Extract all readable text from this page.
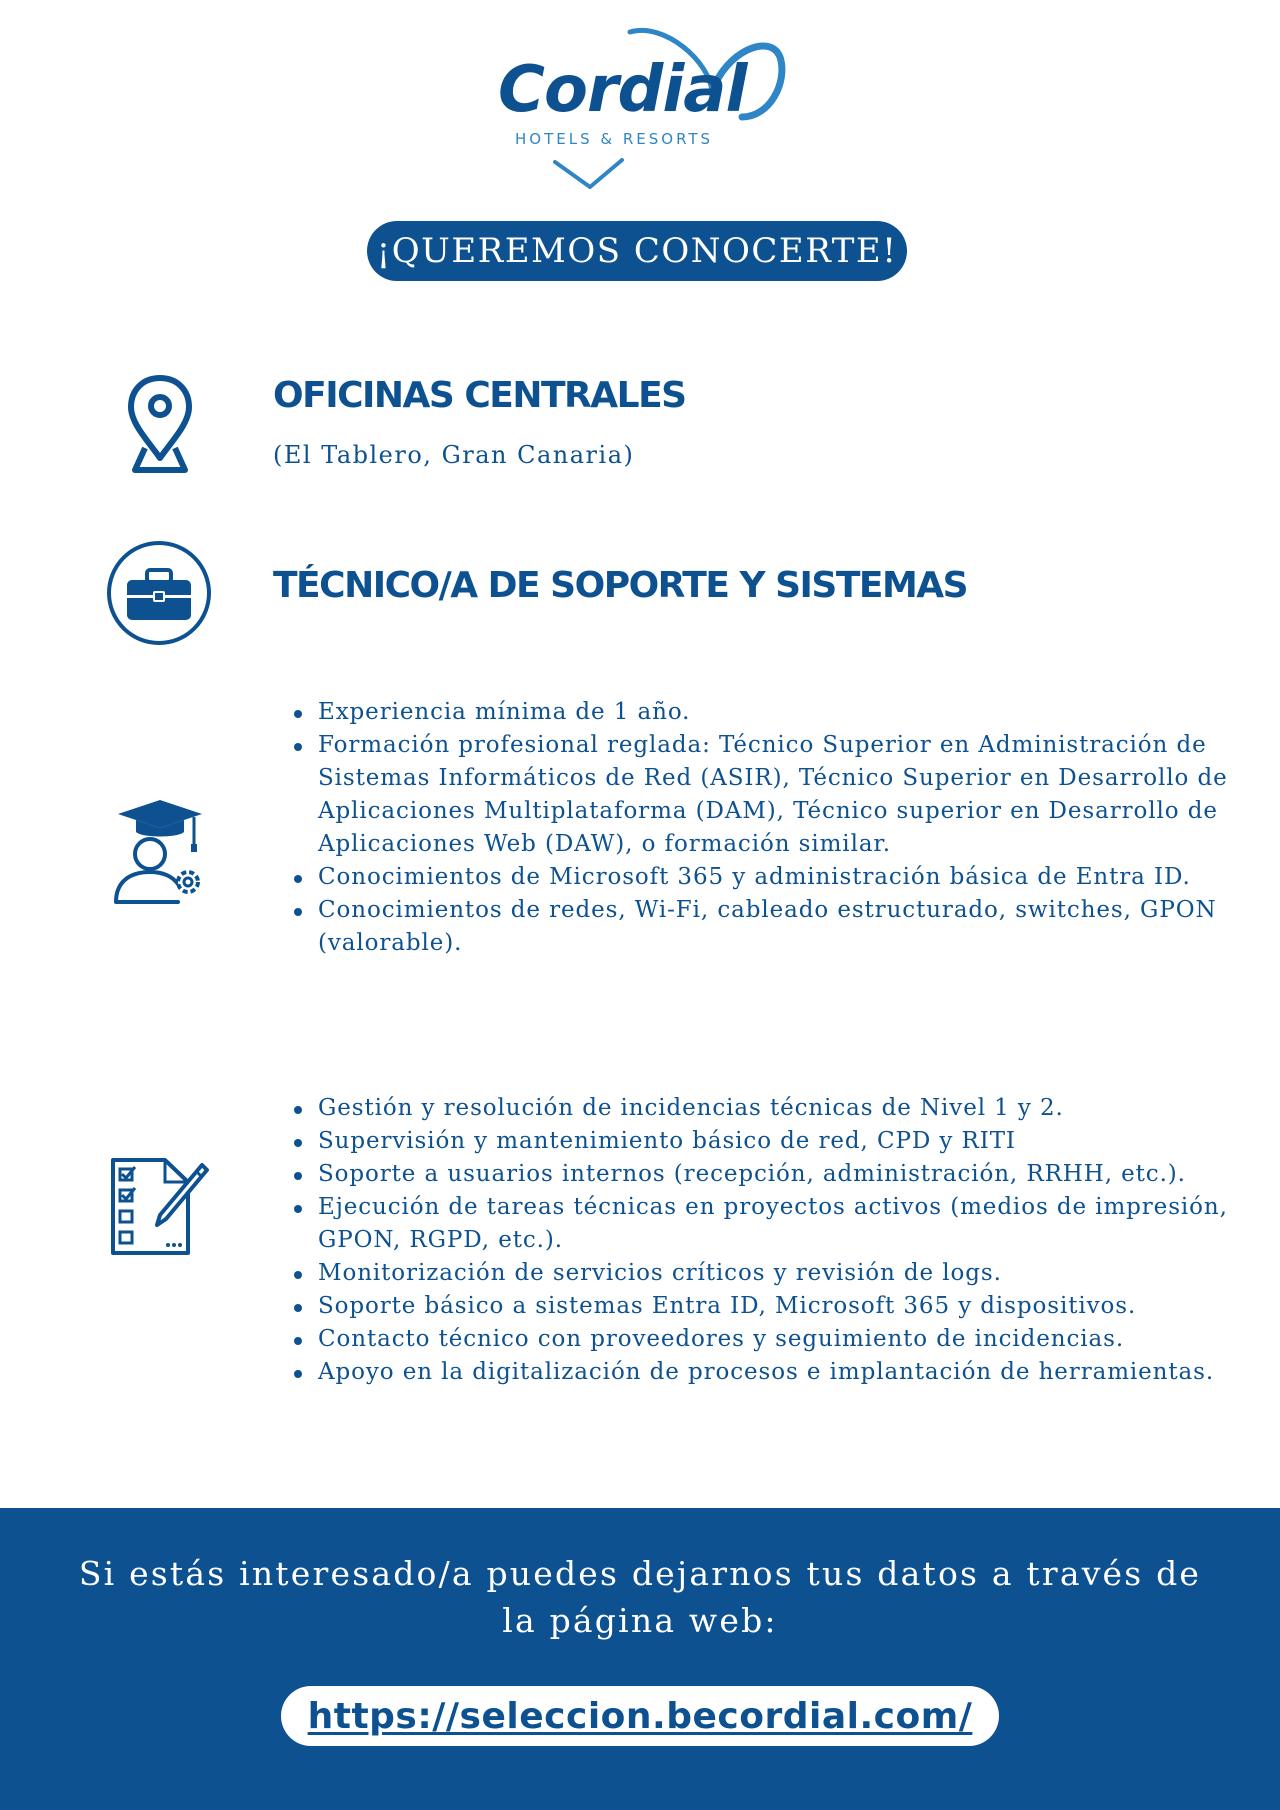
Cordial
HOTELS & RESORTS
¡QUEREMOS CONOCERTE!
OFICINAS CENTRALES
(El Tablero, Gran Canaria)
TÉCNICO/A DE SOPORTE Y SISTEMAS
Experiencia mínima de 1 año.
Formación profesional reglada: Técnico Superior en Administración de Sistemas Informáticos de Red (ASIR), Técnico Superior en Desarrollo de Aplicaciones Multiplataforma (DAM), Técnico superior en Desarrollo de Aplicaciones Web (DAW), o formación similar.
Conocimientos de Microsoft 365 y administración básica de Entra ID.
Conocimientos de redes, Wi-Fi, cableado estructurado, switches, GPON (valorable).
Gestión y resolución de incidencias técnicas de Nivel 1 y 2.
Supervisión y mantenimiento básico de red, CPD y RITI
Soporte a usuarios internos (recepción, administración, RRHH, etc.).
Ejecución de tareas técnicas en proyectos activos (medios de impresión, GPON, RGPD, etc.).
Monitorización de servicios críticos y revisión de logs.
Soporte básico a sistemas Entra ID, Microsoft 365 y dispositivos.
Contacto técnico con proveedores y seguimiento de incidencias.
Apoyo en la digitalización de procesos e implantación de herramientas.

Si estás interesado/a puedes dejarnos tus datos a través de la página web:

https://seleccion.becordial.com/
